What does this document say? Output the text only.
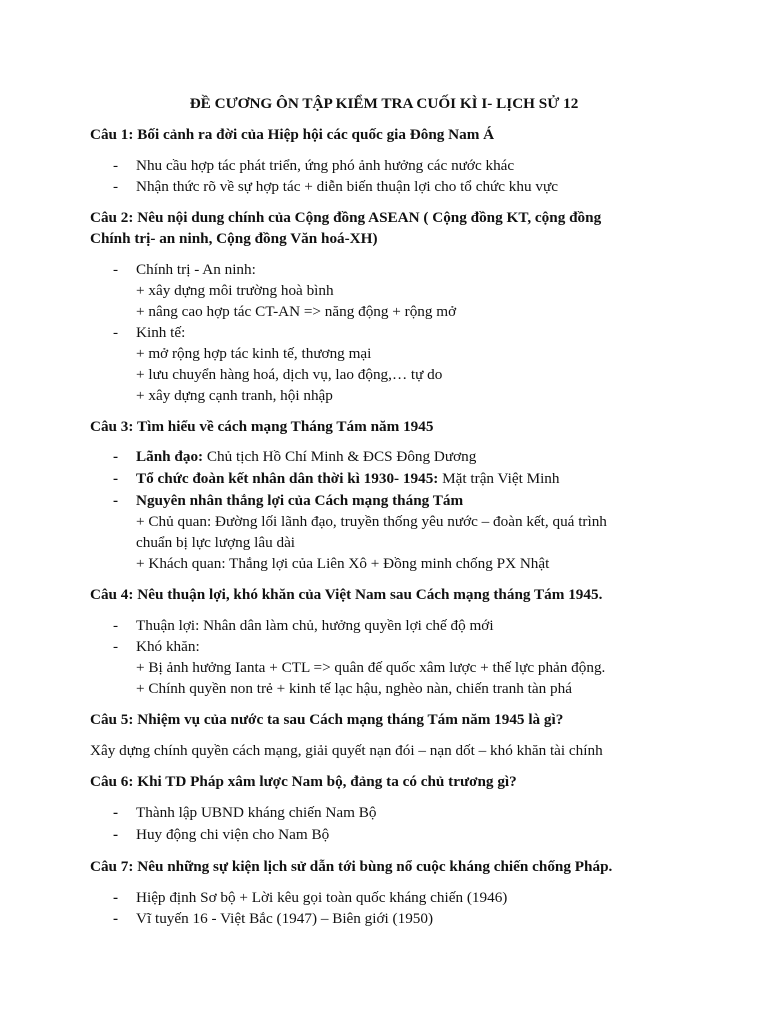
ĐỀ CƯƠNG ÔN TẬP KIỂM TRA CUỐI KÌ I- LỊCH SỬ 12
Câu 1: Bối cảnh ra đời của Hiệp hội các quốc gia Đông Nam Á
- Nhu cầu hợp tác phát triển, ứng phó ảnh hưởng các nước khác
- Nhận thức rõ về sự hợp tác + diễn biến thuận lợi cho tổ chức khu vực
Câu 2: Nêu nội dung chính của Cộng đồng ASEAN ( Cộng đồng KT, cộng đồng
Chính trị- an ninh, Cộng đồng Văn hoá-XH)
- Chính trị - An ninh:
+ xây dựng môi trường hoà bình
+ nâng cao hợp tác CT-AN => năng động + rộng mở
- Kinh tế:
+ mở rộng hợp tác kinh tế, thương mại
+ lưu chuyển hàng hoá, dịch vụ, lao động,… tự do
+ xây dựng cạnh tranh, hội nhập
Câu 3: Tìm hiểu về cách mạng Tháng Tám năm 1945
- Lãnh đạo: Chủ tịch Hồ Chí Minh & ĐCS Đông Dương
- Tổ chức đoàn kết nhân dân thời kì 1930- 1945: Mặt trận Việt Minh
- Nguyên nhân thắng lợi của Cách mạng tháng Tám
+ Chủ quan: Đường lối lãnh đạo, truyền thống yêu nước – đoàn kết, quá trình
chuẩn bị lực lượng lâu dài
+ Khách quan: Thắng lợi của Liên Xô + Đồng minh chống PX Nhật
Câu 4: Nêu thuận lợi, khó khăn của Việt Nam sau Cách mạng tháng Tám 1945.
- Thuận lợi: Nhân dân làm chủ, hưởng quyền lợi chế độ mới
- Khó khăn:
+ Bị ảnh hưởng Ianta + CTL => quân đế quốc xâm lược + thế lực phản động.
+ Chính quyền non trẻ + kinh tế lạc hậu, nghèo nàn, chiến tranh tàn phá
Câu 5: Nhiệm vụ của nước ta sau Cách mạng tháng Tám năm 1945 là gì?
Xây dựng chính quyền cách mạng, giải quyết nạn đói – nạn dốt – khó khăn tài chính
Câu 6: Khi TD Pháp xâm lược Nam bộ, đảng ta có chủ trương gì?
- Thành lập UBND kháng chiến Nam Bộ
- Huy động chi viện cho Nam Bộ
Câu 7: Nêu những sự kiện lịch sử dẫn tới bùng nổ cuộc kháng chiến chống Pháp.
- Hiệp định Sơ bộ + Lời kêu gọi toàn quốc kháng chiến (1946)
- Vĩ tuyến 16 - Việt Bắc (1947) – Biên giới (1950)
